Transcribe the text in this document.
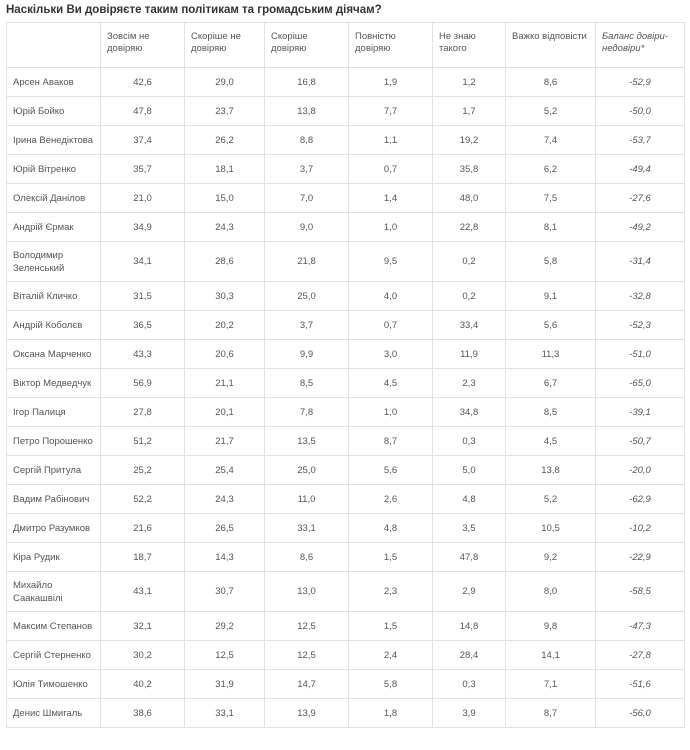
Наскільки Ви довіряєте таким політикам та громадським діячам?
	Зовсім не довіряю	Скоріше не довіряю	Скоріше довіряю	Повністю довіряю	Не знаю такого	Важко відповісти	Баланс довіри-недовіри*
Арсен Аваков	42,6	29,0	16,8	1,9	1,2	8,6	-52,9
Юрій Бойко	47,8	23,7	13,8	7,7	1,7	5,2	-50,0
Ірина Венедіктова	37,4	26,2	8,8	1,1	19,2	7,4	-53,7
Юрій Вітренко	35,7	18,1	3,7	0,7	35,8	6,2	-49,4
Олексій Данілов	21,0	15,0	7,0	1,4	48,0	7,5	-27,6
Андрій Єрмак	34,9	24,3	9,0	1,0	22,8	8,1	-49,2
Володимир Зеленський	34,1	28,6	21,8	9,5	0,2	5,8	-31,4
Віталій Кличко	31,5	30,3	25,0	4,0	0,2	9,1	-32,8
Андрій Коболєв	36,5	20,2	3,7	0,7	33,4	5,6	-52,3
Оксана Марченко	43,3	20,6	9,9	3,0	11,9	11,3	-51,0
Віктор Медведчук	56,9	21,1	8,5	4,5	2,3	6,7	-65,0
Ігор Палиця	27,8	20,1	7,8	1,0	34,8	8,5	-39,1
Петро Порошенко	51,2	21,7	13,5	8,7	0,3	4,5	-50,7
Сергій Притула	25,2	25,4	25,0	5,6	5,0	13,8	-20,0
Вадим Рабінович	52,2	24,3	11,0	2,6	4,8	5,2	-62,9
Дмитро Разумков	21,6	26,5	33,1	4,8	3,5	10,5	-10,2
Кіра Рудик	18,7	14,3	8,6	1,5	47,8	9,2	-22,9
Михайло Саакашвілі	43,1	30,7	13,0	2,3	2,9	8,0	-58,5
Максим Степанов	32,1	29,2	12,5	1,5	14,8	9,8	-47,3
Сергій Стерненко	30,2	12,5	12,5	2,4	28,4	14,1	-27,8
Юлія Тимошенко	40,2	31,9	14,7	5,8	0,3	7,1	-51,6
Денис Шмигаль	38,6	33,1	13,9	1,8	3,9	8,7	-56,0
